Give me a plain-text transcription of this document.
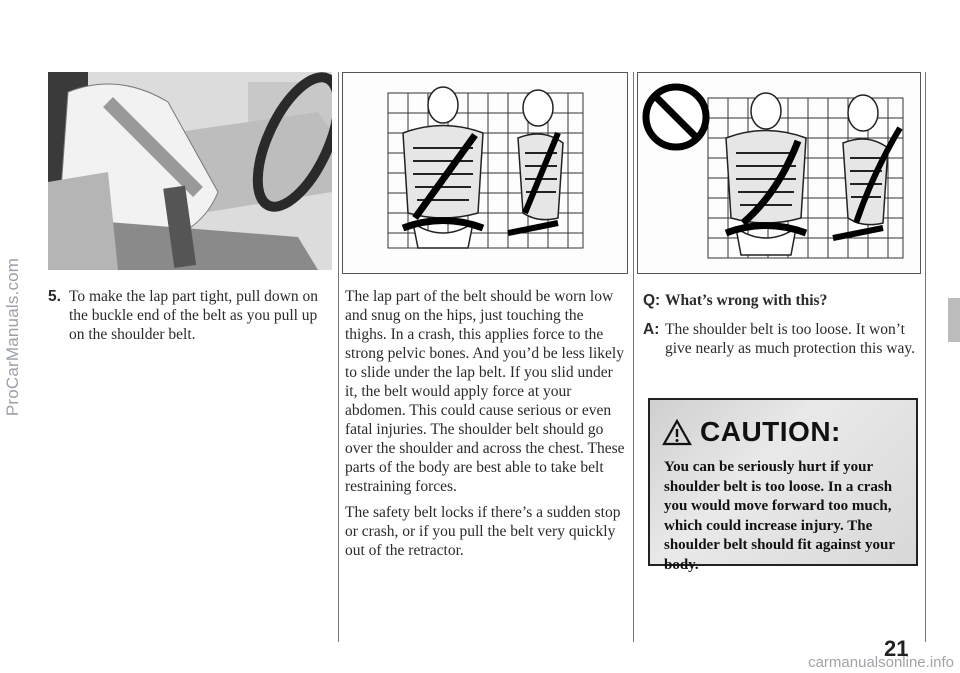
ProCarManuals.com
carmanualsonline.info
5. To make the lap part tight, pull down on the buckle end of the belt as you pull up on the shoulder belt.

The lap part of the belt should be worn low and snug on the hips, just touching the thighs. In a crash, this applies force to the strong pelvic bones. And you’d be less likely to slide under the lap belt. If you slid under it, the belt would apply force at your abdomen. This could cause serious or even fatal injuries. The shoulder belt should go over the shoulder and across the chest. These parts of the body are best able to take belt restraining forces.

The safety belt locks if there’s a sudden stop or crash, or if you pull the belt very quickly out of the retractor.

Q: What’s wrong with this?
A: The shoulder belt is too loose. It won’t give nearly as much protection this way.
CAUTION:
You can be seriously hurt if your shoulder belt is too loose. In a crash you would move forward too much, which could increase injury. The shoulder belt should fit against your body.
21
